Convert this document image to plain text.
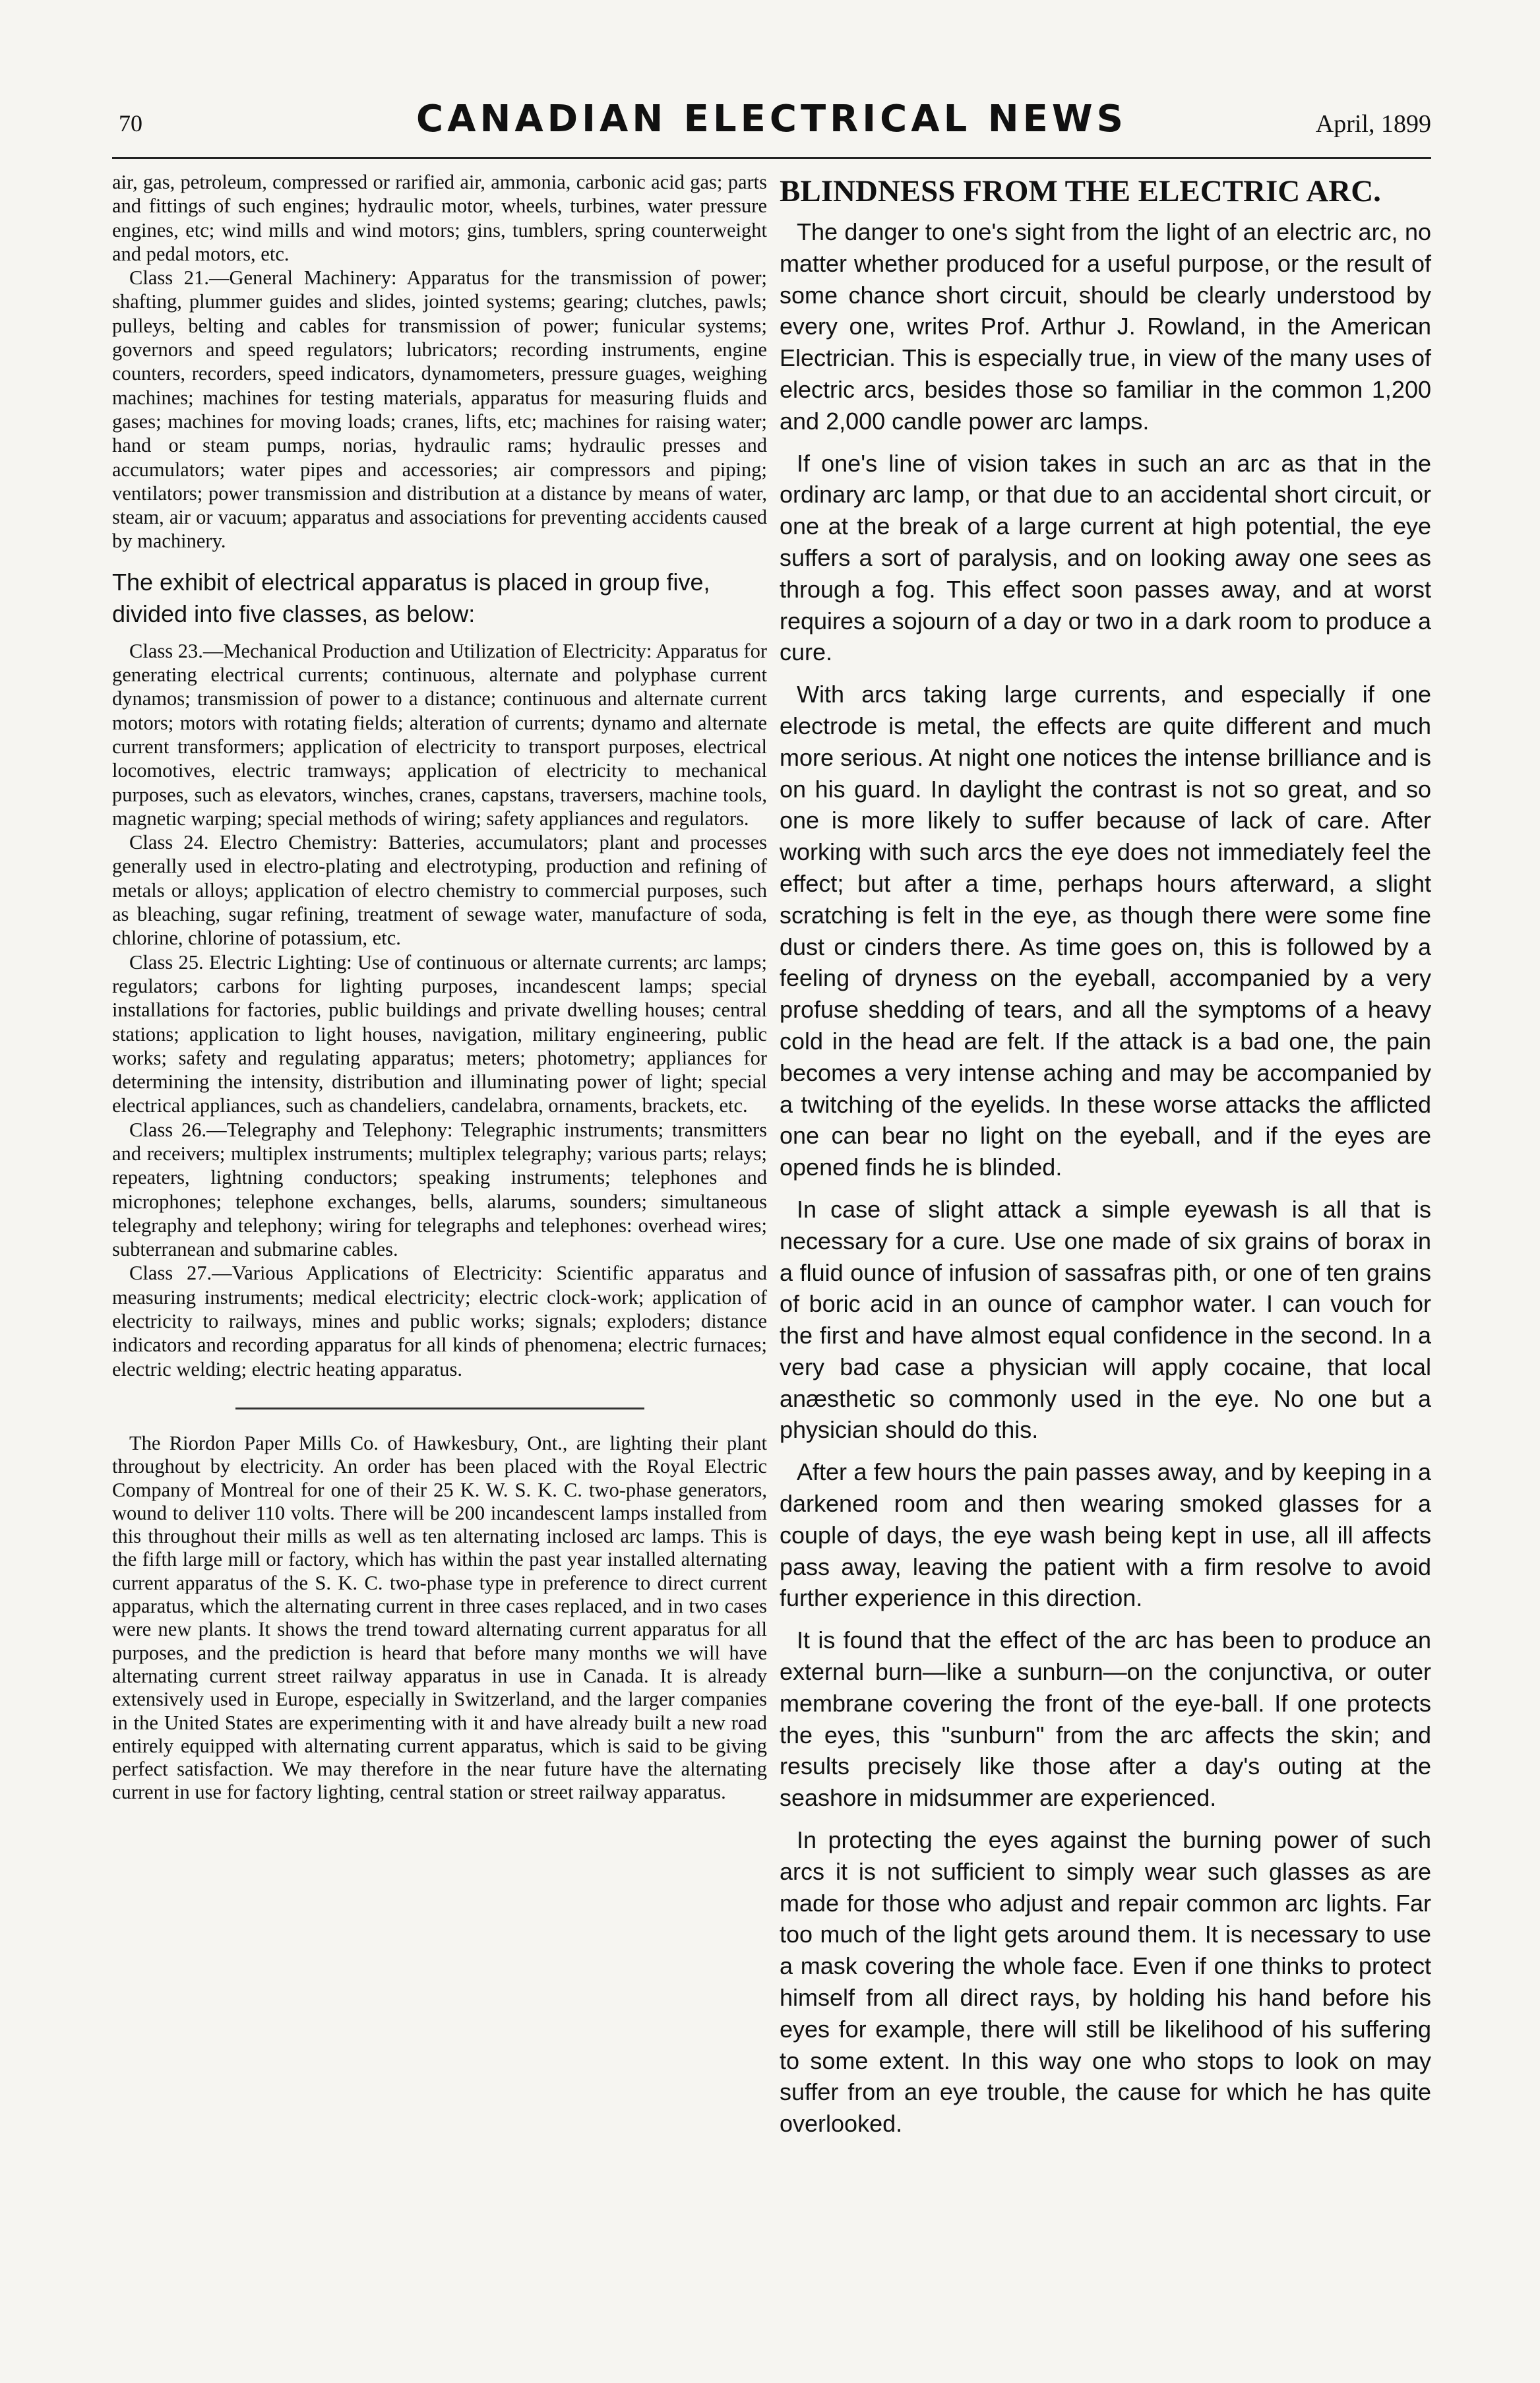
70	CANADIAN ELECTRICAL NEWS	April, 1899

air, gas, petroleum, compressed or rarified air, ammonia, carbonic acid gas; parts and fittings of such engines; hydraulic motor, wheels, turbines, water pressure engines, etc; wind mills and wind motors; gins, tumblers, spring counterweight and pedal motors, etc.

Class 21.—General Machinery: Apparatus for the transmission of power; shafting, plummer guides and slides, jointed systems; gearing; clutches, pawls; pulleys, belting and cables for transmission of power; funicular systems; governors and speed regulators; lubricators; recording instruments, engine counters, recorders, speed indicators, dynamometers, pressure guages, weighing machines; machines for testing materials, apparatus for measuring fluids and gases; machines for moving loads; cranes, lifts, etc; machines for raising water; hand or steam pumps, norias, hydraulic rams; hydraulic presses and accumulators; water pipes and accessories; air compressors and piping; ventilators; power transmission and distribution at a distance by means of water, steam, air or vacuum; apparatus and associations for preventing accidents caused by machinery.

The exhibit of electrical apparatus is placed in group five, divided into five classes, as below:

Class 23.—Mechanical Production and Utilization of Electricity: Apparatus for generating electrical currents; continuous, alternate and polyphase current dynamos; transmission of power to a distance; continuous and alternate current motors; motors with rotating fields; alteration of currents; dynamo and alternate current transformers; application of electricity to transport purposes, electrical locomotives, electric tramways; application of electricity to mechanical purposes, such as elevators, winches, cranes, capstans, traversers, machine tools, magnetic warping; special methods of wiring; safety appliances and regulators.

Class 24. Electro Chemistry: Batteries, accumulators; plant and processes generally used in electro-plating and electrotyping, production and refining of metals or alloys; application of electro chemistry to commercial purposes, such as bleaching, sugar refining, treatment of sewage water, manufacture of soda, chlorine, chlorine of potassium, etc.

Class 25. Electric Lighting: Use of continuous or alternate currents; arc lamps; regulators; carbons for lighting purposes, incandescent lamps; special installations for factories, public buildings and private dwelling houses; central stations; application to light houses, navigation, military engineering, public works; safety and regulating apparatus; meters; photometry; appliances for determining the intensity, distribution and illuminating power of light; special electrical appliances, such as chandeliers, candelabra, ornaments, brackets, etc.

Class 26.—Telegraphy and Telephony: Telegraphic instruments; transmitters and receivers; multiplex instruments; multiplex telegraphy; various parts; relays; repeaters, lightning conductors; speaking instruments; telephones and microphones; telephone exchanges, bells, alarums, sounders; simultaneous telegraphy and telephony; wiring for telegraphs and telephones: overhead wires; subterranean and submarine cables.

Class 27.—Various Applications of Electricity: Scientific apparatus and measuring instruments; medical electricity; electric clock-work; application of electricity to railways, mines and public works; signals; exploders; distance indicators and recording apparatus for all kinds of phenomena; electric furnaces; electric welding; electric heating apparatus.

The Riordon Paper Mills Co. of Hawkesbury, Ont., are lighting their plant throughout by electricity. An order has been placed with the Royal Electric Company of Montreal for one of their 25 K. W. S. K. C. two-phase generators, wound to deliver 110 volts. There will be 200 incandescent lamps installed from this throughout their mills as well as ten alternating inclosed arc lamps. This is the fifth large mill or factory, which has within the past year installed alternating current apparatus of the S. K. C. two-phase type in preference to direct current apparatus, which the alternating current in three cases replaced, and in two cases were new plants. It shows the trend toward alternating current apparatus for all purposes, and the prediction is heard that before many months we will have alternating current street railway apparatus in use in Canada. It is already extensively used in Europe, especially in Switzerland, and the larger companies in the United States are experimenting with it and have already built a new road entirely equipped with alternating current apparatus, which is said to be giving perfect satisfaction. We may therefore in the near future have the alternating current in use for factory lighting, central station or street railway apparatus.

BLINDNESS FROM THE ELECTRIC ARC.

The danger to one's sight from the light of an electric arc, no matter whether produced for a useful purpose, or the result of some chance short circuit, should be clearly understood by every one, writes Prof. Arthur J. Rowland, in the American Electrician. This is especially true, in view of the many uses of electric arcs, besides those so familiar in the common 1,200 and 2,000 candle power arc lamps.

If one's line of vision takes in such an arc as that in the ordinary arc lamp, or that due to an accidental short circuit, or one at the break of a large current at high potential, the eye suffers a sort of paralysis, and on looking away one sees as through a fog. This effect soon passes away, and at worst requires a sojourn of a day or two in a dark room to produce a cure.

With arcs taking large currents, and especially if one electrode is metal, the effects are quite different and much more serious. At night one notices the intense brilliance and is on his guard. In daylight the contrast is not so great, and so one is more likely to suffer because of lack of care. After working with such arcs the eye does not immediately feel the effect; but after a time, perhaps hours afterward, a slight scratching is felt in the eye, as though there were some fine dust or cinders there. As time goes on, this is followed by a feeling of dryness on the eyeball, accompanied by a very profuse shedding of tears, and all the symptoms of a heavy cold in the head are felt. If the attack is a bad one, the pain becomes a very intense aching and may be accompanied by a twitching of the eyelids. In these worse attacks the afflicted one can bear no light on the eyeball, and if the eyes are opened finds he is blinded.

In case of slight attack a simple eyewash is all that is necessary for a cure. Use one made of six grains of borax in a fluid ounce of infusion of sassafras pith, or one of ten grains of boric acid in an ounce of camphor water. I can vouch for the first and have almost equal confidence in the second. In a very bad case a physician will apply cocaine, that local anæsthetic so commonly used in the eye. No one but a physician should do this.

After a few hours the pain passes away, and by keeping in a darkened room and then wearing smoked glasses for a couple of days, the eye wash being kept in use, all ill affects pass away, leaving the patient with a firm resolve to avoid further experience in this direction.

It is found that the effect of the arc has been to produce an external burn—like a sunburn—on the conjunctiva, or outer membrane covering the front of the eye-ball. If one protects the eyes, this "sunburn" from the arc affects the skin; and results precisely like those after a day's outing at the seashore in midsummer are experienced.

In protecting the eyes against the burning power of such arcs it is not sufficient to simply wear such glasses as are made for those who adjust and repair common arc lights. Far too much of the light gets around them. It is necessary to use a mask covering the whole face. Even if one thinks to protect himself from all direct rays, by holding his hand before his eyes for example, there will still be likelihood of his suffering to some extent. In this way one who stops to look on may suffer from an eye trouble, the cause for which he has quite overlooked.
